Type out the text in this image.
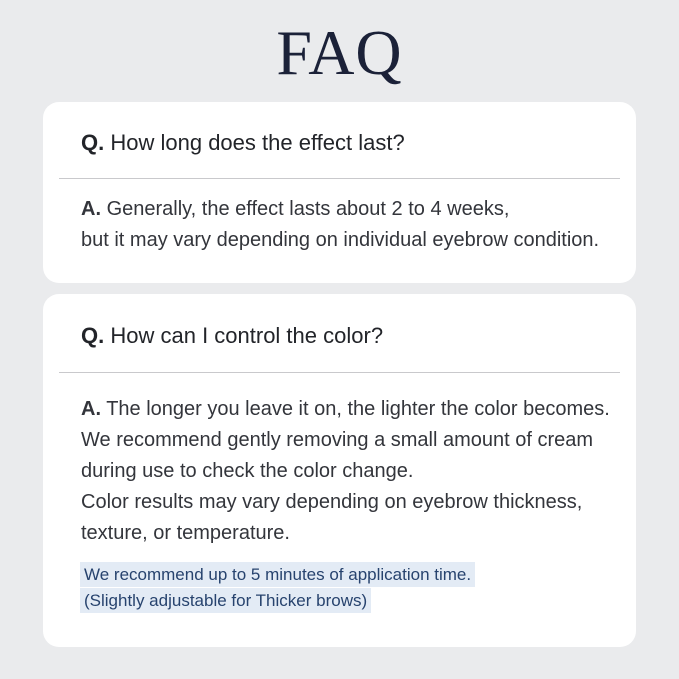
FAQ
Q. How long does the effect last?
A. Generally, the effect lasts about 2 to 4 weeks,
but it may vary depending on individual eyebrow condition.
Q. How can I control the color?
A. The longer you leave it on, the lighter the color becomes.
We recommend gently removing a small amount of cream
during use to check the color change.
Color results may vary depending on eyebrow thickness,
texture, or temperature.
We recommend up to 5 minutes of application time.
(Slightly adjustable for Thicker brows)
